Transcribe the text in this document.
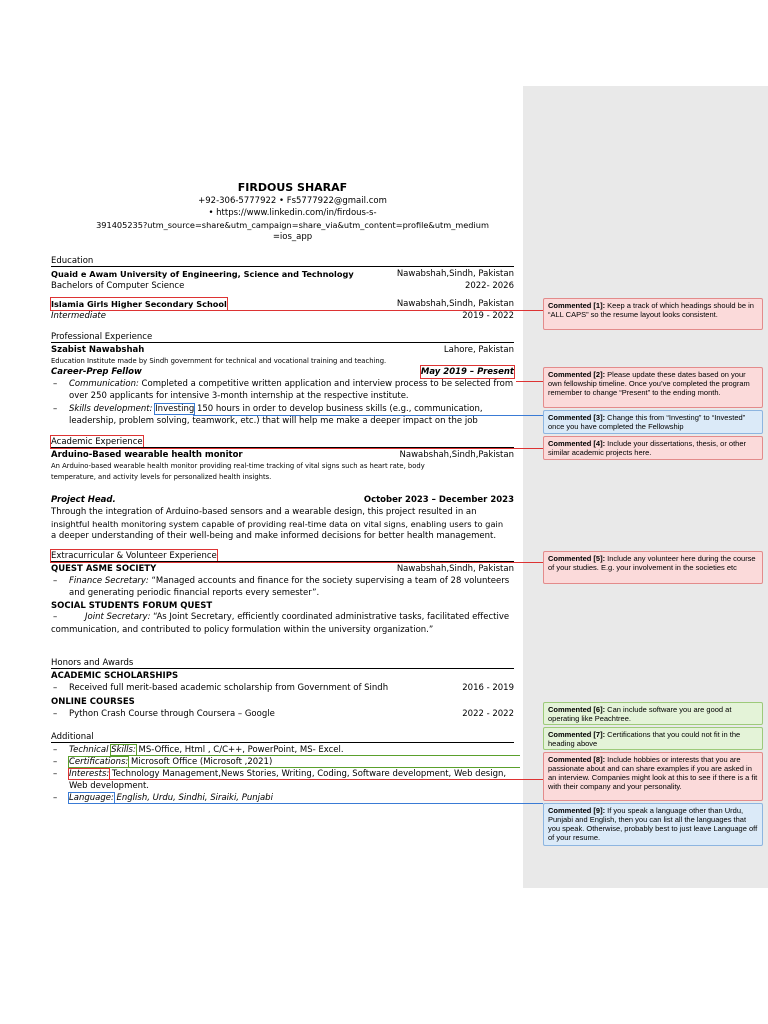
FIRDOUS SHARAF
+92-306-5777922 • Fs5777922@gmail.com
• https://www.linkedin.com/in/firdous-s-
391405235?utm_source=share&utm_campaign=share_via&utm_content=profile&utm_medium
=ios_app
Education
Quaid e Awam University of Engineering, Science and Technology	Nawabshah,Sindh, Pakistan
Bachelors of Computer Science	2022- 2026
Islamia Girls Higher Secondary School	Nawabshah,Sindh, Pakistan
Intermediate	2019 - 2022
Professional Experience
Szabist Nawabshah	Lahore, Pakistan
Education Institute made by Sindh government for technical and vocational training and teaching.
Career-Prep Fellow	May 2019 – Present
– Communication: Completed a competitive written application and interview process to be selected from
over 250 applicants for intensive 3-month internship at the respective institute.
– Skills development: Investing 150 hours in order to develop business skills (e.g., communication,
leadership, problem solving, teamwork, etc.) that will help me make a deeper impact on the job
Academic Experience
Arduino-Based wearable health monitor	Nawabshah,Sindh,Pakistan
An Arduino-based wearable health monitor providing real-time tracking of vital signs such as heart rate, body
temperature, and activity levels for personalized health insights.
Project Head.	October 2023 – December 2023
Through the integration of Arduino-based sensors and a wearable design, this project resulted in an
insightful health monitoring system capable of providing real-time data on vital signs, enabling users to gain
a deeper understanding of their well-being and make informed decisions for better health management.
Extracurricular & Volunteer Experience
QUEST ASME SOCIETY	Nawabshah,Sindh, Pakistan
– Finance Secretary: “Managed accounts and finance for the society supervising a team of 28 volunteers
and generating periodic financial reports every semester”.
SOCIAL STUDENTS FORUM QUEST
–	Joint Secretary: “As Joint Secretary, efficiently coordinated administrative tasks, facilitated effective
communication, and contributed to policy formulation within the university organization.”
Honors and Awards
ACADEMIC SCHOLARSHIPS
– Received full merit-based academic scholarship from Government of Sindh	2016 - 2019
ONLINE COURSES
– Python Crash Course through Coursera – Google	2022 - 2022
Additional
– Technical Skills: MS-Office, Html , C/C++, PowerPoint, MS- Excel.
– Certifications: Microsoft Office (Microsoft ,2021)
– Interests: Technology Management,News Stories, Writing, Coding, Software development, Web design,
Web development.
– Language: English, Urdu, Sindhi, Siraiki, Punjabi
Commented [1]: Keep a track of which headings should be in “ALL CAPS” so the resume layout looks consistent.
Commented [2]: Please update these dates based on your own fellowship timeline. Once you’ve completed the program remember to change “Present” to the ending month.
Commented [3]: Change this from “Investing” to “Invested” once you have completed the Fellowship
Commented [4]: Include your dissertations, thesis, or other similar academic projects here.
Commented [5]: Include any volunteer here during the course of your studies. E.g. your involvement in the societies etc
Commented [6]: Can include software you are good at operating like Peachtree.
Commented [7]: Certifications that you could not fit in the heading above
Commented [8]: Include hobbies or interests that you are passionate about and can share examples if you are asked in an interview. Companies might look at this to see if there is a fit with their company and your personality.
Commented [9]: If you speak a language other than Urdu, Punjabi and English, then you can list all the languages that you speak. Otherwise, probably best to just leave Language off of your resume.
